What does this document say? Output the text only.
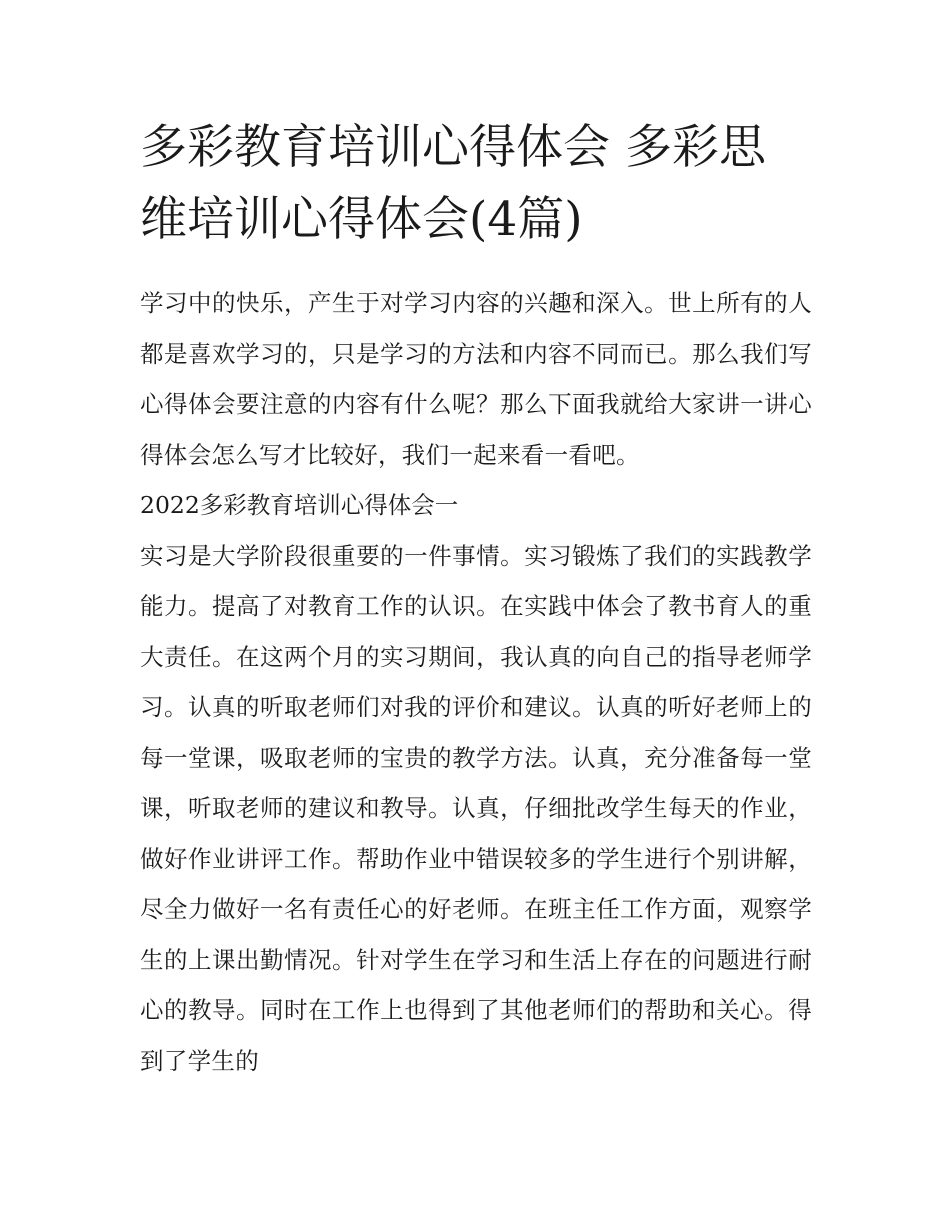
多彩教育培训心得体会 多彩思维培训心得体会(4篇)

学习中的快乐，产生于对学习内容的兴趣和深入。世上所有的人都是喜欢学习的，只是学习的方法和内容不同而已。那么我们写心得体会要注意的内容有什么呢？那么下面我就给大家讲一讲心得体会怎么写才比较好，我们一起来看一看吧。

2022多彩教育培训心得体会一

实习是大学阶段很重要的一件事情。实习锻炼了我们的实践教学能力。提高了对教育工作的认识。在实践中体会了教书育人的重大责任。在这两个月的实习期间，我认真的向自己的指导老师学习。认真的听取老师们对我的评价和建议。认真的听好老师上的每一堂课，吸取老师的宝贵的教学方法。认真，充分准备每一堂课，听取老师的建议和教导。认真，仔细批改学生每天的作业，做好作业讲评工作。帮助作业中错误较多的学生进行个别讲解，尽全力做好一名有责任心的好老师。在班主任工作方面，观察学生的上课出勤情况。针对学生在学习和生活上存在的问题进行耐心的教导。同时在工作上也得到了其他老师们的帮助和关心。得到了学生的
